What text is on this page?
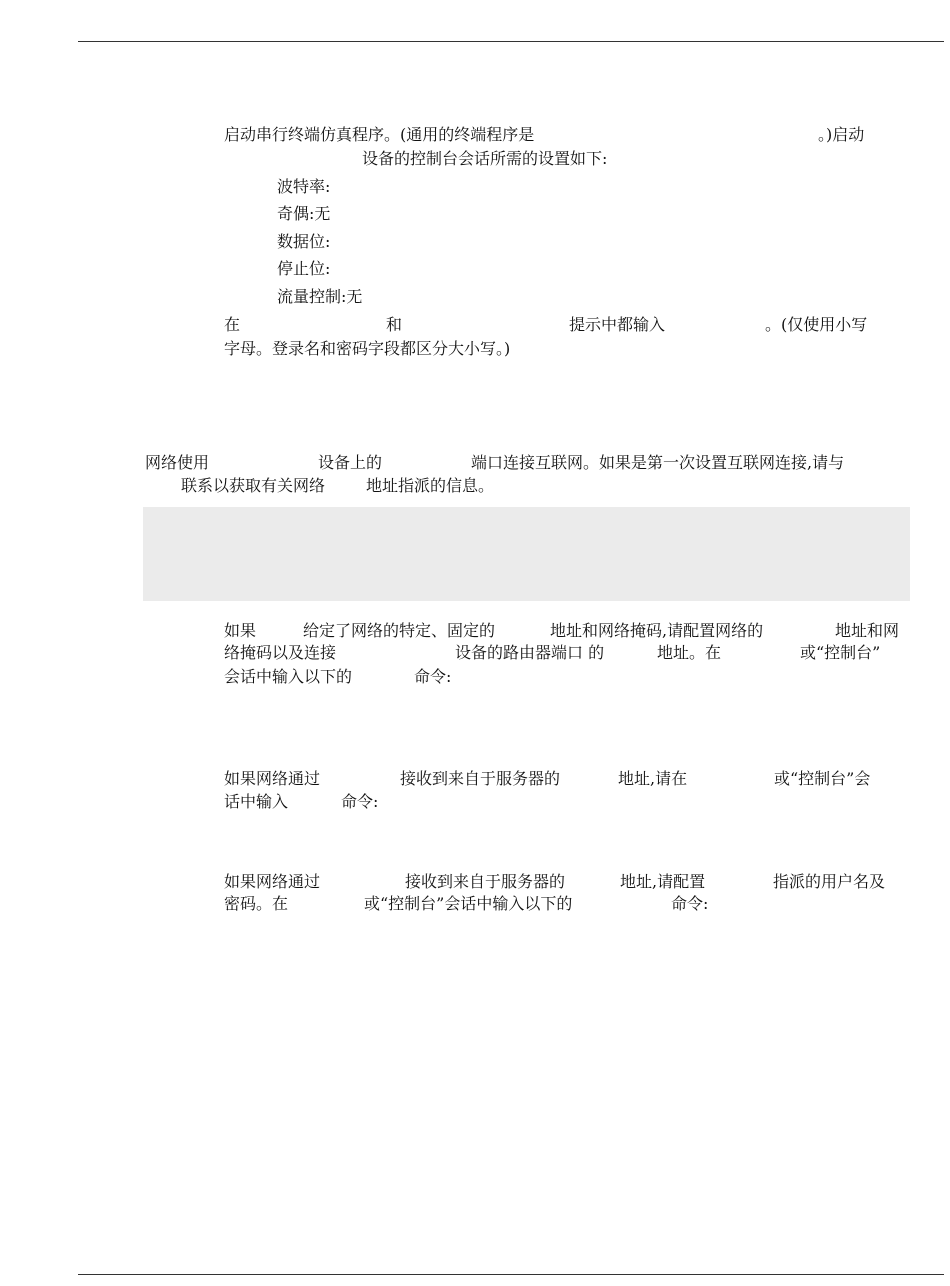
启动串行终端仿真程序。(通用的终端程序是	。)启动
设备的控制台会话所需的设置如下:
波特率:
奇偶:无
数据位:
停止位:
流量控制:无
在	和	提示中都输入	。(仅使用小写
字母。登录名和密码字段都区分大小写。)
网络使用	设备上的	端口连接互联网。如果是第一次设置互联网连接,请与
联系以获取有关网络	地址指派的信息。
如果	给定了网络的特定、固定的	地址和网络掩码,请配置网络的	地址和网
络掩码以及连接	设备的路由器端口 的	地址。在	或“控制台”
会话中输入以下的	命令:
如果网络通过	接收到来自于服务器的	地址,请在	或“控制台”会
话中输入	命令:
如果网络通过	接收到来自于服务器的	地址,请配置	指派的用户名及
密码。在	或“控制台”会话中输入以下的	命令:
